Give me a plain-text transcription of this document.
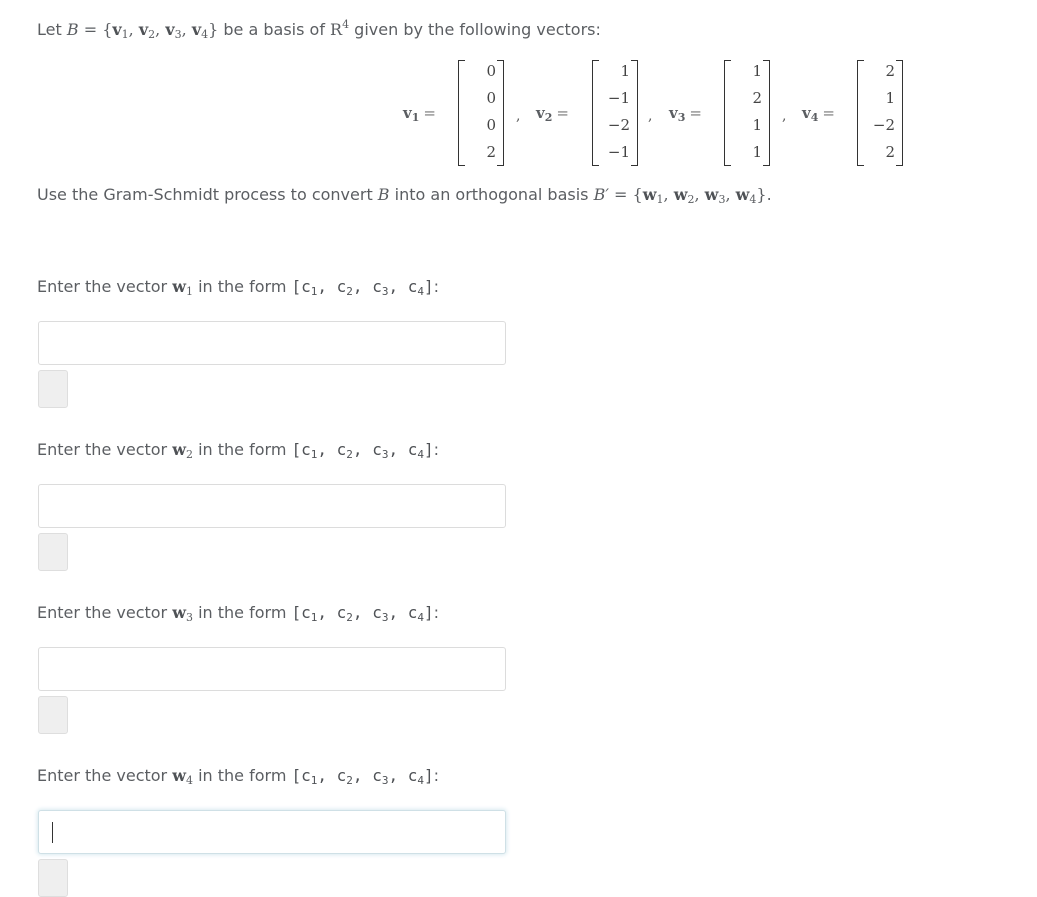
Let $B = \{v_1$, $v_2$, $v_3$, $v_4$} be a basis of $R^4$ given by the following vectors:
$v_1$ =
0
0
0
2
, $v_2$ =
1
−1
−2
−1
, $v_3$ =
1
2
1
1
, $v_4$ =
2
1
−2
2
Use the Gram-Schmidt process to convert B into an orthogonal basis $B' = \{w_1$, $w_2$, $w_3$, $w_4$}.
Enter the vector $w_1$ in the form [$c_1$, $c_2$, $c_3$, $c_4$]:
Enter the vector $w_2$ in the form [$c_1$, $c_2$, $c_3$, $c_4$]:
Enter the vector $w_3$ in the form [$c_1$, $c_2$, $c_3$, $c_4$]:
Enter the vector $w_4$ in the form [$c_1$, $c_2$, $c_3$, $c_4$]:
